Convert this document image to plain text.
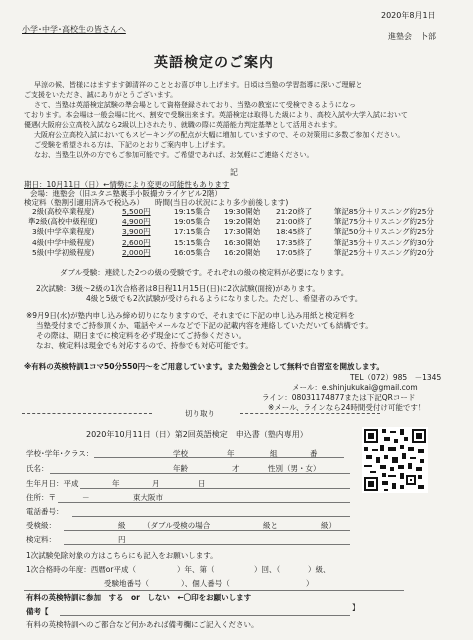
2020年8月1日
小学･中学･高校生の皆さんへ
進塾会　卜部
英語検定のご案内
早涼の候、皆様にはますます御清祥のこととお喜び申し上げます。日頃は当塾の学習指導に深いご理解と
ご支援をいただき、誠にありがとうございます。
さて、当塾は英語検定試験の準会場として資格登録されており、当塾の教室にて受検できるようになっ
ております。本会場は一般会場に比べ、割安で受験出来ます。英語検定は取得した級により、高校入試や大学入試において
優遇(大阪府公立高校入試なら2級以上)されたり、就職の際に英語能力判定基準として活用されます。
大阪府公立高校入試においてもスピーキングの配点が大幅に増加していますので、その対策用に多数ご参加ください。
ご受験を希望される方は、下記のとおりご案内申し上げます。
なお、当塾生以外の方でもご参加可能です。ご希望であれば、お気軽にご連絡ください。
記
期日：10月11日（日）←情勢により変更の可能性もあります
会場：進塾会（旧ユタニ塾裏手小阪撮カライケビル2階）
検定料（塾割引適用済みで税込み） 時間(当日の状況により多少前後します)
2級(高校卒業程度)	5,500円	19:15集合 19:30開始 21:20終了	筆記85分＋リスニング約25分
準2級(高校中級程度)	4,900円	19:05集合 19:20開始 21:00終了	筆記75分＋リスニング約25分
3級(中学卒業程度)	3,900円	17:15集合 17:30開始 18:45終了	筆記50分＋リスニング約25分
4級(中学中級程度)	2,600円	15:15集合 16:30開始 17:35終了	筆記35分＋リスニング約30分
5級(中学初級程度)	2,000円	16:05集合 16:20開始 17:05終了	筆記25分＋リスニング約20分
ダブル受験：連続した2つの級の受験です。それぞれの級の検定料が必要になります。
2次試験：3級～2級の1次合格者は8日程11月15日(日)に2次試験(面接)があります。
4級と5級でも2次試験が受けられるようになりました。ただし、希望者のみです。
※9月9日(水)が塾内申し込み締め切りになりますので、それまでに下記の申し込み用紙と検定料を
当塾受付までご持参頂くか、電話やメールなどで下記の記載内容を連絡していただいても結構です。
その際は、期日までに検定料を必ず現金にてご持参ください。
なお、検定料は現金でも対応するので、持参でも対応可能です。
※有料の英検特訓1コマ50分550円～をご用意しています。また勉強会として無料で自習室を開放します。
TEL（072）985　－1345
メール：e.shinjukukai@gmail.com
ライン：08031174877または下記QRコード
※メール、ラインなら24時間受付け可能です！
切り取り
2020年10月11日（日）第2回英語検定　申込書（塾内専用）
学校･学年･クラス：	学校	年	組	番
氏名：	年齢	才	性別（男・女）
生年月日：平成	年	月	日
住所：〒	－	東大阪市
電話番号：
受検級：	級 （ダブル受検の場合	級と	級）
検定料：	円
1次試験免除対象の方はこちらにも記入をお願いします。
1次合格時の年度：西暦or平成（	）年、第（	）回、（	）級、
受験地番号（	）、個人番号（	）
有料の英検特訓に参加　する　or　しない　←〇印をお願いします
備考【	】
有料の英検特訓へのご都合など何かあれば備考欄にご記入ください。
